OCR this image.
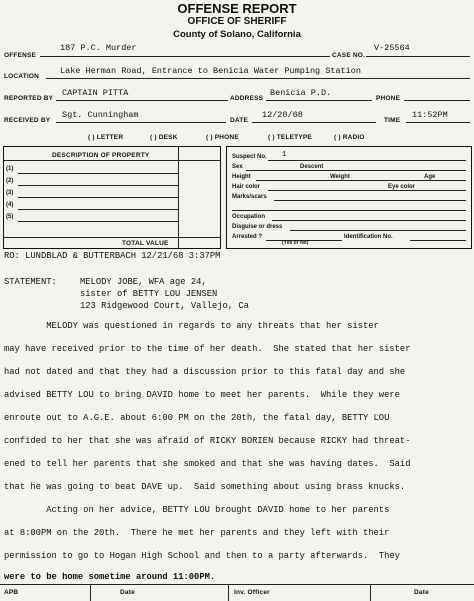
OFFENSE REPORT
OFFICE OF SHERIFF
County of Solano, California
OFFENSE
187 P.C. Murder
CASE NO.
V-25564
LOCATION
Lake Herman Road, Entrance to Benicia Water Pumping Station
REPORTED BY
CAPTAIN PITTA
ADDRESS
Benicia P.D.
PHONE
RECEIVED BY
Sgt. Cunningham
DATE
12/20/68
TIME
11:52PM
( ) LETTER	( ) DESK	( ) PHONE	( ) TELETYPE	( ) RADIO
DESCRIPTION OF PROPERTY
(1)
(2)
(3)
(4)
(5)
TOTAL VALUE
Suspect No. 1
Sex	Descent
Height	Weight	Age
Hair color	Eye color
Marks/scars
Occupation
Disguise or dress
Arrested ?	Identification No.
(Yes or No)
RO: LUNDBLAD & BUTTERBACH 12/21/68 3:37PM
STATEMENT:	MELODY JOBE, WFA age 24,
sister of BETTY LOU JENSEN
123 Ridgewood Court, Vallejo, Ca
MELODY was questioned in regards to any threats that her sister
may have received prior to the time of her death.  She stated that her sister
had not dated and that they had a discussion prior to this fatal day and she
advised BETTY LOU to bring DAVID home to meet her parents.  While they were
enroute out to A.G.E. about 6:00 PM on the 20th, the fatal day, BETTY LOU
confided to her that she was afraid of RICKY BORIEN because RICKY had threat-
ened to tell her parents that she smoked and that she was having dates.  Said
that he was going to beat DAVE up.  Said something about using brass knucks.
Acting on her advice, BETTY LOU brought DAVID home to her parents
at 8:00PM on the 20th.  There he met her parents and they left with their
permission to go to Hogan High School and then to a party afterwards.  They
were to be home sometime around 11:00PM.
APB	Date	Inv. Officer	Date
